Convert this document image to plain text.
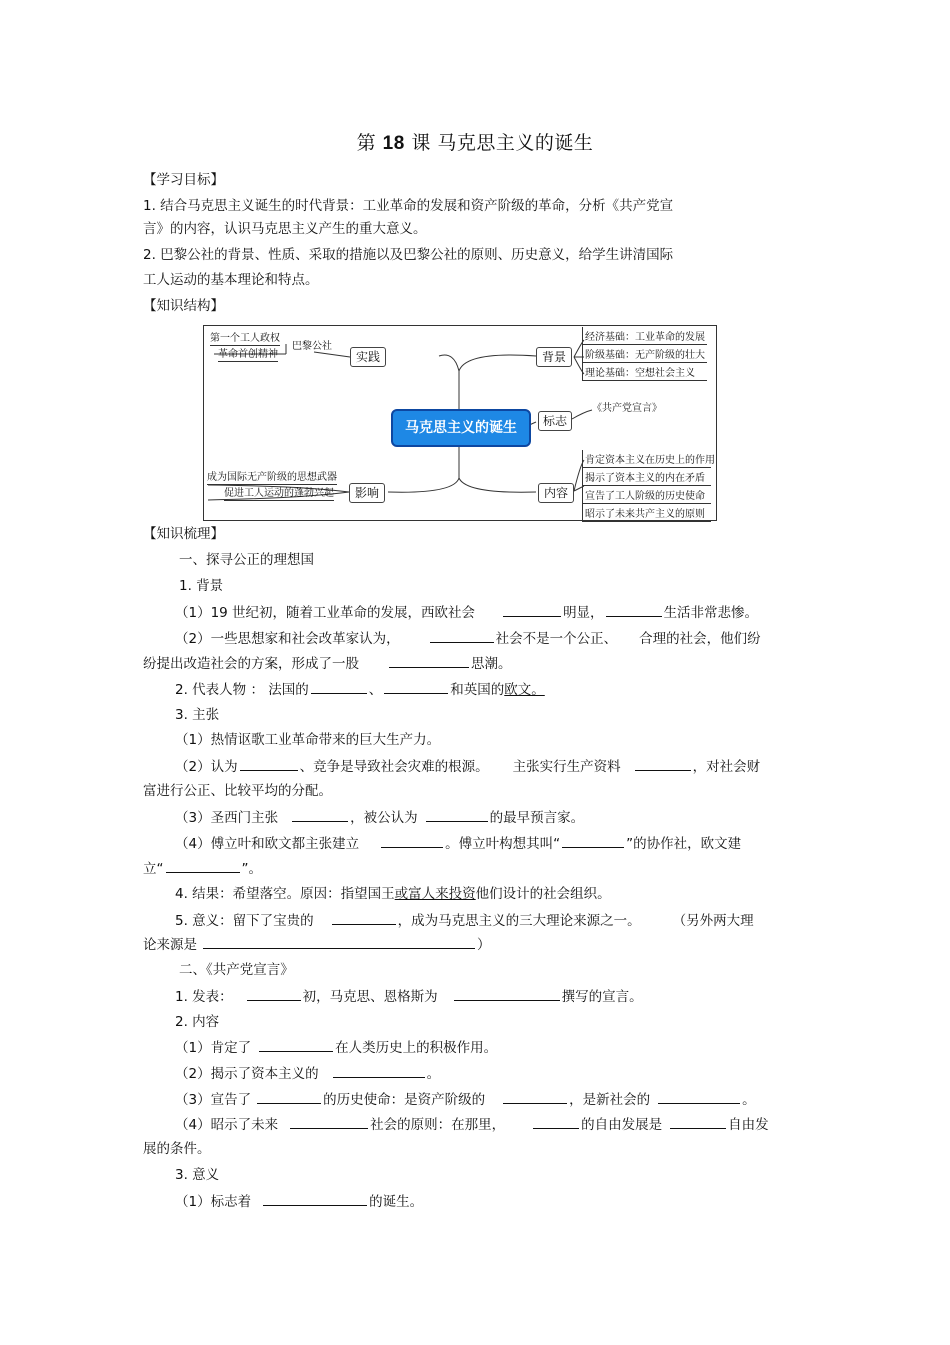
第 18 课 马克思主义的诞生
【学习目标】
1. 结合马克思主义诞生的时代背景：工业革命的发展和资产阶级的革命，分析《共产党宣
言》的内容，认识马克思主义产生的重大意义。
2. 巴黎公社的背景、性质、采取的措施以及巴黎公社的原则、历史意义，给学生讲清国际
工人运动的基本理论和特点。
【知识结构】
马克思主义的诞生
实践
巴黎公社
第一个工人政权
革命首创精神
影响
成为国际无产阶级的思想武器
促进工人运动的蓬勃兴起
背景
经济基础：工业革命的发展
阶级基础：无产阶级的壮大
理论基础：空想社会主义
标志
《共产党宣言》
内容
肯定资本主义在历史上的作用
揭示了资本主义的内在矛盾
宣告了工人阶级的历史使命
昭示了未来共产主义的原则
【知识梳理】
一、探寻公正的理想国
1. 背景
（1）19 世纪初，随着工业革命的发展，西欧社会	明显，	生活非常悲惨。
（2）一些思想家和社会改革家认为，	社会不是一个公正、 合理的社会，他们纷
纷提出改造社会的方案，形成了一股	思潮。
2. 代表人物 ： 法国的	、	和英国的欧文。
3. 主张
（1）热情讴歌工业革命带来的巨大生产力。
（2）认为	、竞争是导致社会灾难的根源。 主张实行生产资料	，对社会财
富进行公正、比较平均的分配。
（3）圣西门主张	，被公认为	的最早预言家。
（4）傅立叶和欧文都主张建立	。傅立叶构想其叫“	”的协作社，欧文建
立“	”。
4. 结果：希望落空。原因：指望国王或富人来投资他们设计的社会组织。
5. 意义：留下了宝贵的	，成为马克思主义的三大理论来源之一。 （另外两大理
论来源是	）
二、《共产党宣言》
1. 发表：	初，马克思、恩格斯为	撰写的宣言。
2. 内容
（1）肯定了	在人类历史上的积极作用。
（2）揭示了资本主义的	。
（3）宣告了	的历史使命：是资产阶级的	，是新社会的	。
（4）昭示了未来	社会的原则：在那里，	的自由发展是	自由发
展的条件。
3. 意义
（1）标志着	的诞生。
